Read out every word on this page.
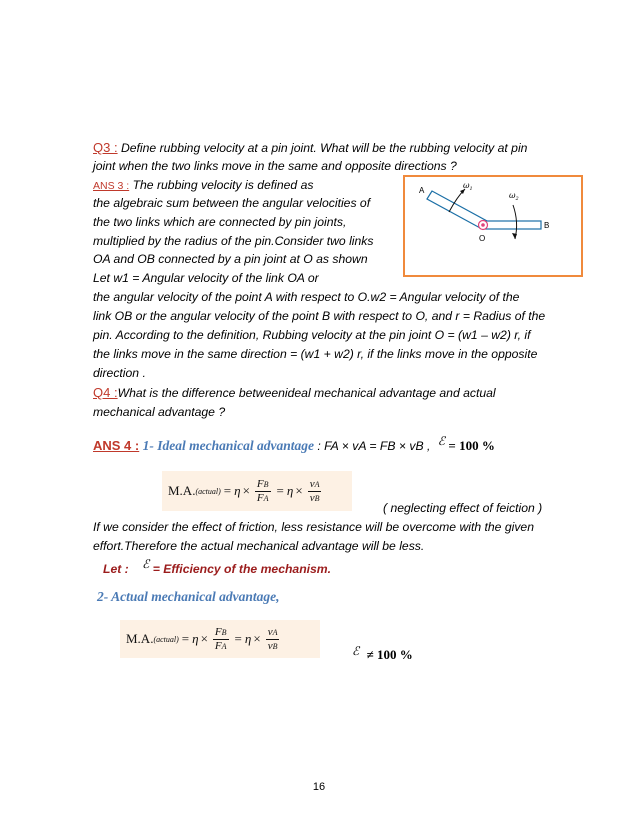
Q3 : Define rubbing velocity at a pin joint. What will be the rubbing velocity at pin
joint when the two links move in the same and opposite directions ?
ANS 3 : The rubbing velocity is defined as
the algebraic sum between the angular velocities of
the two links which are connected by pin joints,
multiplied by the radius of the pin.Consider two links
OA and OB connected by a pin joint at O as shown
Let w1 = Angular velocity of the link OA or
the angular velocity of the point A with respect to O.w2 = Angular velocity of the
link OB or the angular velocity of the point B with respect to O, and r = Radius of the
pin. According to the definition, Rubbing velocity at the pin joint O = (w1 – w2) r, if
the links move in the same direction = (w1 + w2) r, if the links move in the opposite
direction .
A
O
B
$\omega_1$
$\omega_2$
Q4 :What is the difference betweenideal mechanical advantage and actual
mechanical advantage ?
ANS 4 : 1- Ideal mechanical advantage : FA × vA = FB × vB , ℰ = 100 %
M.A. (actual) = $\eta \times \frac{FB}{FA} = \eta \times \frac{vA}{vB}$
( neglecting effect of feiction )
If we consider the effect of friction, less resistance will be overcome with the given
effort.Therefore the actual mechanical advantage will be less.
Let : ℰ = Efficiency of the mechanism.
2- Actual mechanical advantage,
M.A. (actual) = $\eta \times \frac{FB}{FA} = \eta \times \frac{vA}{vB}$	ℰ ≠ 100 %
16
